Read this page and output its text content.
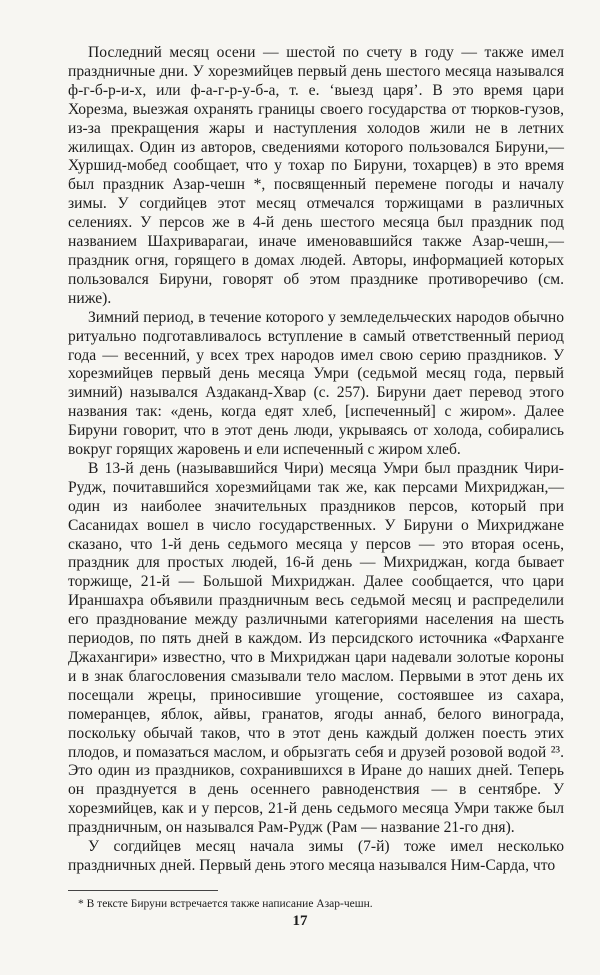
Последний месяц осени — шестой по счету в году — также имел праздничные дни. У хорезмийцев первый день шестого месяца назывался ф-г-б-р-и-х, или ф-а-г-р-у-б-а, т. е. ‘выезд царя’. В это время цари Хорезма, выезжая охранять границы своего государства от тюрков-гузов, из-за прекращения жары и наступления холодов жили не в летних жилищах. Один из авторов, сведениями которого пользовался Бируни,— Хуршид-мобед сообщает, что у тохар по Бируни, тохарцев) в это время был праздник Азар-чешн *, посвященный перемене погоды и началу зимы. У согдийцев этот месяц отмечался торжищами в различных селениях. У персов же в 4-й день шестого месяца был праздник под названием Шахриварагаи, иначе именовавшийся также Азар-чешн,— праздник огня, горящего в домах людей. Авторы, информацией которых пользовался Бируни, говорят об этом празднике противоречиво (см. ниже).

Зимний период, в течение которого у земледельческих народов обычно ритуально подготавливалось вступление в самый ответственный период года — весенний, у всех трех народов имел свою серию праздников. У хорезмийцев первый день месяца Умри (седьмой месяц года, первый зимний) назывался Аздаканд-Хвар (с. 257). Бируни дает перевод этого названия так: «день, когда едят хлеб, [испеченный] с жиром». Далее Бируни говорит, что в этот день люди, укрываясь от холода, собирались вокруг горящих жаровень и ели испеченный с жиром хлеб.

В 13-й день (называвшийся Чири) месяца Умри был праздник Чири-Рудж, почитавшийся хорезмийцами так же, как персами Михриджан,— один из наиболее значительных праздников персов, который при Сасанидах вошел в число государственных. У Бируни о Михриджане сказано, что 1-й день седьмого месяца у персов — это вторая осень, праздник для простых людей, 16-й день — Михриджан, когда бывает торжище, 21-й — Большой Михриджан. Далее сообщается, что цари Ираншахра объявили праздничным весь седьмой месяц и распределили его празднование между различными категориями населения на шесть периодов, по пять дней в каждом. Из персидского источника «Фарханге Джахангири» известно, что в Михриджан цари надевали золотые короны и в знак благословения смазывали тело маслом. Первыми в этот день их посещали жрецы, приносившие угощение, состоявшее из сахара, померанцев, яблок, айвы, гранатов, ягоды аннаб, белого винограда, поскольку обычай таков, что в этот день каждый должен поесть этих плодов, и помазаться маслом, и обрызгать себя и друзей розовой водой ²³. Это один из праздников, сохранившихся в Иране до наших дней. Теперь он празднуется в день осеннего равноденствия — в сентябре. У хорезмийцев, как и у персов, 21-й день седьмого месяца Умри также был праздничным, он назывался Рам-Рудж (Рам — название 21-го дня).

У согдийцев месяц начала зимы (7-й) тоже имел несколько праздничных дней. Первый день этого месяца назывался Ним-Сарда, что

* В тексте Бируни встречается также написание Азар-чешн.

17
